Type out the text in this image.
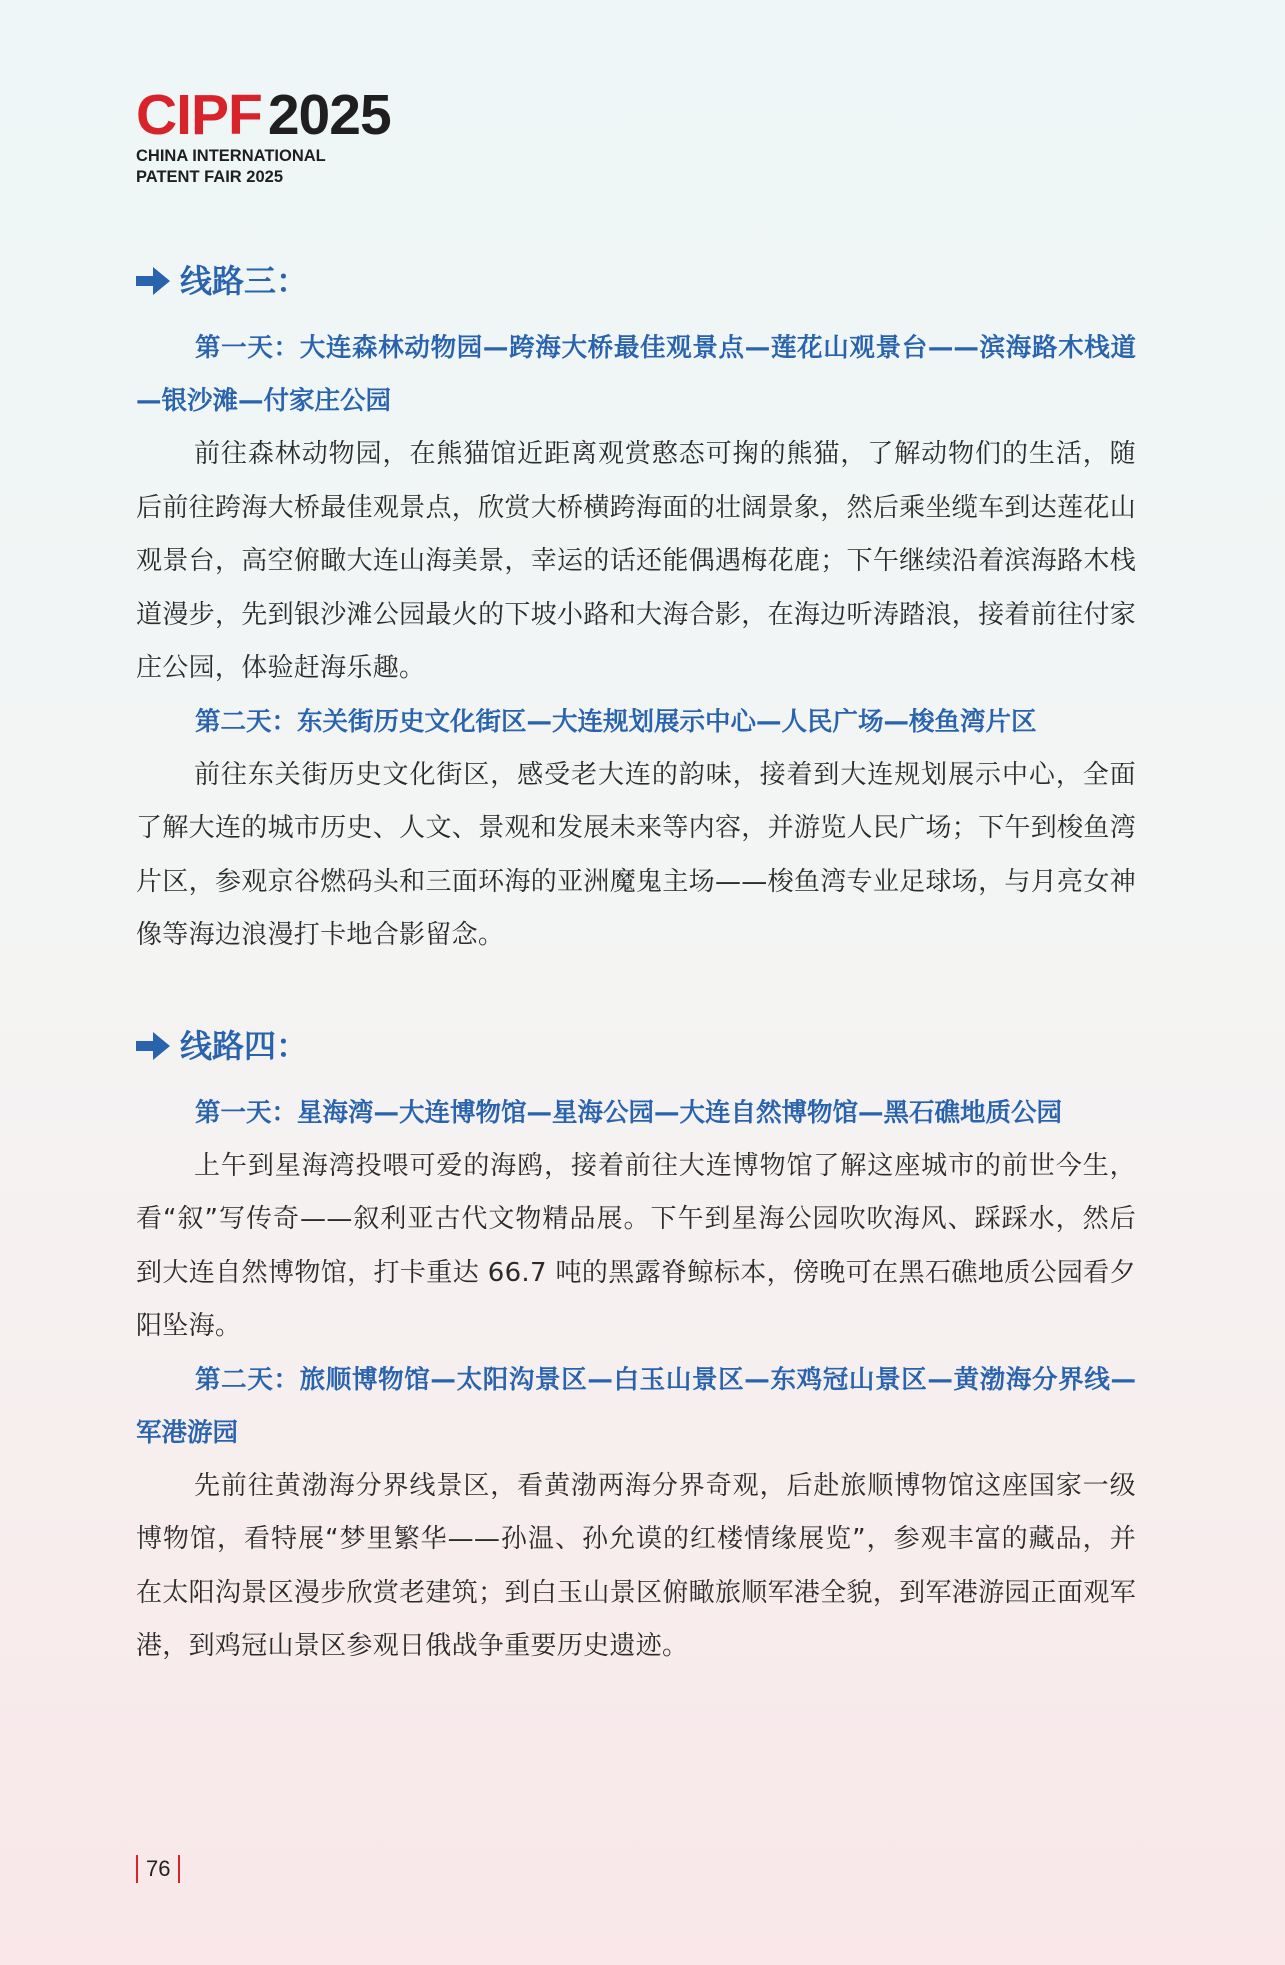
CIPF 2025
CHINA INTERNATIONAL
PATENT FAIR 2025
线路三：

第一天：大连森林动物园—跨海大桥最佳观景点—莲花山观景台——滨海路木栈道—银沙滩—付家庄公园

前往森林动物园，在熊猫馆近距离观赏憨态可掬的熊猫，了解动物们的生活，随后前往跨海大桥最佳观景点，欣赏大桥横跨海面的壮阔景象，然后乘坐缆车到达莲花山观景台，高空俯瞰大连山海美景，幸运的话还能偶遇梅花鹿；下午继续沿着滨海路木栈道漫步，先到银沙滩公园最火的下坡小路和大海合影，在海边听涛踏浪，接着前往付家庄公园，体验赶海乐趣。

第二天：东关街历史文化街区—大连规划展示中心—人民广场—梭鱼湾片区

前往东关街历史文化街区，感受老大连的韵味，接着到大连规划展示中心，全面了解大连的城市历史、人文、景观和发展未来等内容，并游览人民广场；下午到梭鱼湾片区，参观京谷燃码头和三面环海的亚洲魔鬼主场——梭鱼湾专业足球场，与月亮女神像等海边浪漫打卡地合影留念。

线路四：

第一天：星海湾—大连博物馆—星海公园—大连自然博物馆—黑石礁地质公园

上午到星海湾投喂可爱的海鸥，接着前往大连博物馆了解这座城市的前世今生，看“叙”写传奇——叙利亚古代文物精品展。下午到星海公园吹吹海风、踩踩水，然后到大连自然博物馆，打卡重达 66.7 吨的黑露脊鲸标本，傍晚可在黑石礁地质公园看夕阳坠海。

第二天：旅顺博物馆—太阳沟景区—白玉山景区—东鸡冠山景区—黄渤海分界线—军港游园

先前往黄渤海分界线景区，看黄渤两海分界奇观，后赴旅顺博物馆这座国家一级博物馆，看特展“梦里繁华——孙温、孙允谟的红楼情缘展览”，参观丰富的藏品，并在太阳沟景区漫步欣赏老建筑；到白玉山景区俯瞰旅顺军港全貌，到军港游园正面观军港，到鸡冠山景区参观日俄战争重要历史遗迹。

76
